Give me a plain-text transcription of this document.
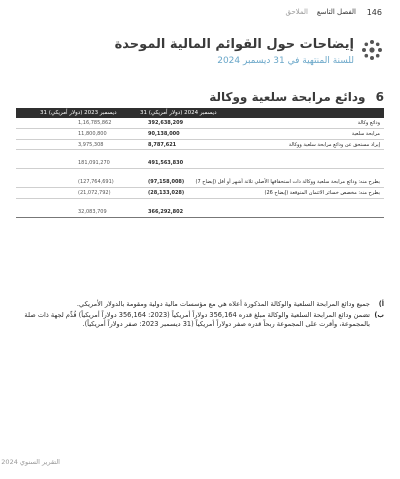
146
الفصل التاسع
الملاحق
إيضاحات حول القوائم المالية الموحدة
للسنة المنتهية في 31 ديسمبر 2024
6 ودائع مرابحة سلعية ووكالة
31 ديسمبر 2024 (دولار أمريكي)
31 ديسمبر 2023 (دولار أمريكي)
ودائع وكالة
392,638,209
1,16,785,862
مرابحة سلعية
90,138,000
11,800,800
إيراد مستحق عن ودائع مرابحة سلعية ووكالة
8,787,621
3,975,308
491,563,830
181,091,270
يطرح منه: ودائع مرابحة سلعية ووكالة ذات استحقاقها الأصلي ثلاثة أشهر أو أقل (إيضاح 7)
(97,158,008)
(127,764,691)
يطرح منه: مخصص خسائر الائتمان المتوقعة (إيضاح 26)
(28,133,028)
(21,072,792)
366,292,802
32,083,709
أ)
جميع ودائع المرابحة السلعية والوكالة المذكورة أعلاه هي مع مؤسسات مالية دولية ومقومة بالدولار الأمريكي.
ب)
تضمن ودائع المرابحة السلعية والوكالة مبلغ قدره 356,164 دولاراً أمريكياً (2023: 356,164 دولاراً أمريكياً) قُدِّم لجهة ذات صلة بالمجموعة، وأقرت على المجموعة ربحاً قدره صفر دولاراً أمريكياً (31 ديسمبر 2023: صفر دولاراً أمريكياً).
التقرير السنوي 2024
